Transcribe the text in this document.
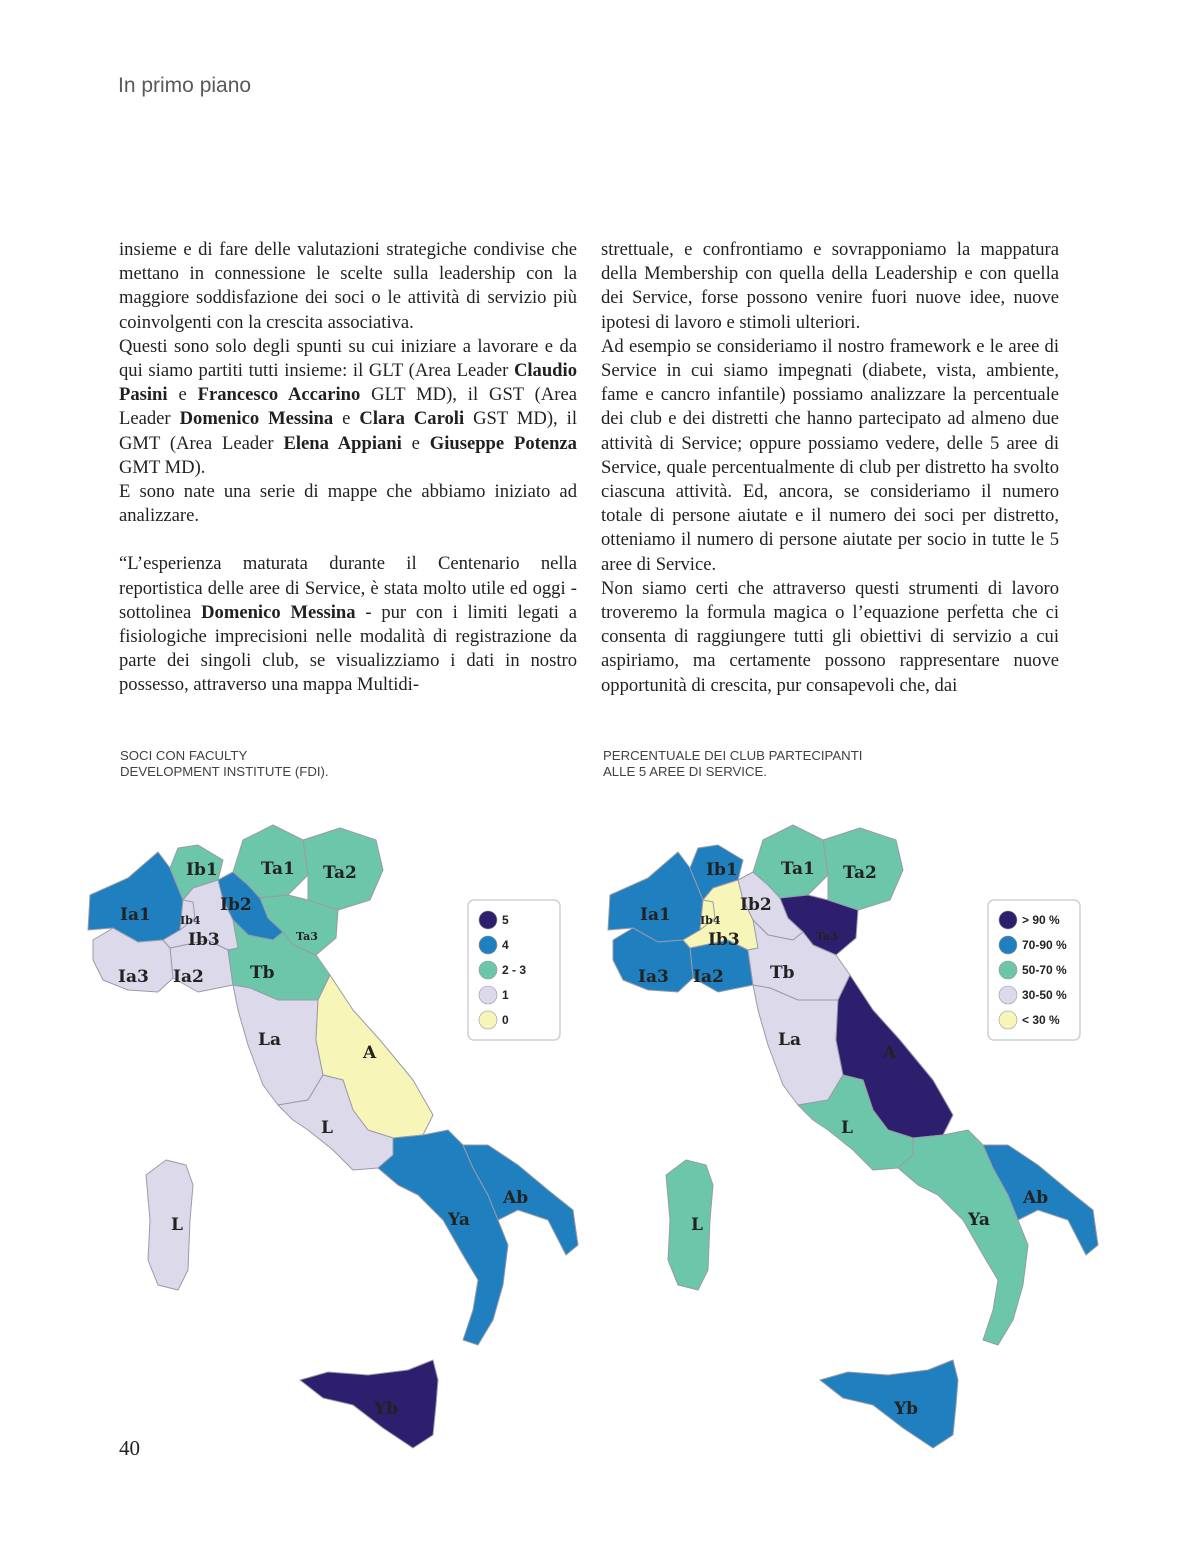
In primo piano

insieme e di fare delle valutazioni strategiche condivise che mettano in connessione le scelte sulla leadership con la maggiore soddisfazione dei soci o le attività di servizio più coinvolgenti con la crescita associativa.

Questi sono solo degli spunti su cui iniziare a lavorare e da qui siamo partiti tutti insieme: il GLT (Area Leader Claudio Pasini e Francesco Accarino GLT MD), il GST (Area Leader Domenico Messina e Clara Caroli GST MD), il GMT (Area Leader Elena Appiani e Giuseppe Potenza GMT MD).

E sono nate una serie di mappe che abbiamo iniziato ad analizzare.

“L’esperienza maturata durante il Centenario nella reportistica delle aree di Service, è stata molto utile ed oggi - sottolinea Domenico Messina - pur con i limiti legati a fisiologiche imprecisioni nelle modalità di registrazione da parte dei singoli club, se visualizziamo i dati in nostro possesso, attraverso una mappa Multidi-

strettuale, e confrontiamo e sovrapponiamo la mappatura della Membership con quella della Leadership e con quella dei Service, forse possono venire fuori nuove idee, nuove ipotesi di lavoro e stimoli ulteriori.

Ad esempio se consideriamo il nostro framework e le aree di Service in cui siamo impegnati (diabete, vista, ambiente, fame e cancro infantile) possiamo analizzare la percentuale dei club e dei distretti che hanno partecipato ad almeno due attività di Service; oppure possiamo vedere, delle 5 aree di Service, quale percentualmente di club per distretto ha svolto ciascuna attività. Ed, ancora, se consideriamo il numero totale di persone aiutate e il numero dei soci per distretto, otteniamo il numero di persone aiutate per socio in tutte le 5 aree di Service.

Non siamo certi che attraverso questi strumenti di lavoro troveremo la formula magica o l’equazione perfetta che ci consenta di raggiungere tutti gli obiettivi di servizio a cui aspiriamo, ma certamente possono rappresentare nuove opportunità di crescita, pur consapevoli che, dai

SOCI CON FACULTY
DEVELOPMENT INSTITUTE (FDI).
PERCENTUALE DEI CLUB PARTECIPANTI
ALLE 5 AREE DI SERVICE.
Ia1
Ia2
Ia3
Ib1
Ib2
Ib3
Ib4
Ta1 Ta2
Ta3
Tb
La
A
L
L	Ya
Ab
Yb
5
4
2 - 3
1
0
Ia1
Ia2
Ia3
Ib1
Ib2
Ib3
Ib4
Ta1 Ta2
Ta3
Tb
La
A
L
L	Ya
Ab
Yb
> 90 %
70-90 %
50-70 %
30-50 %
< 30 %
40
